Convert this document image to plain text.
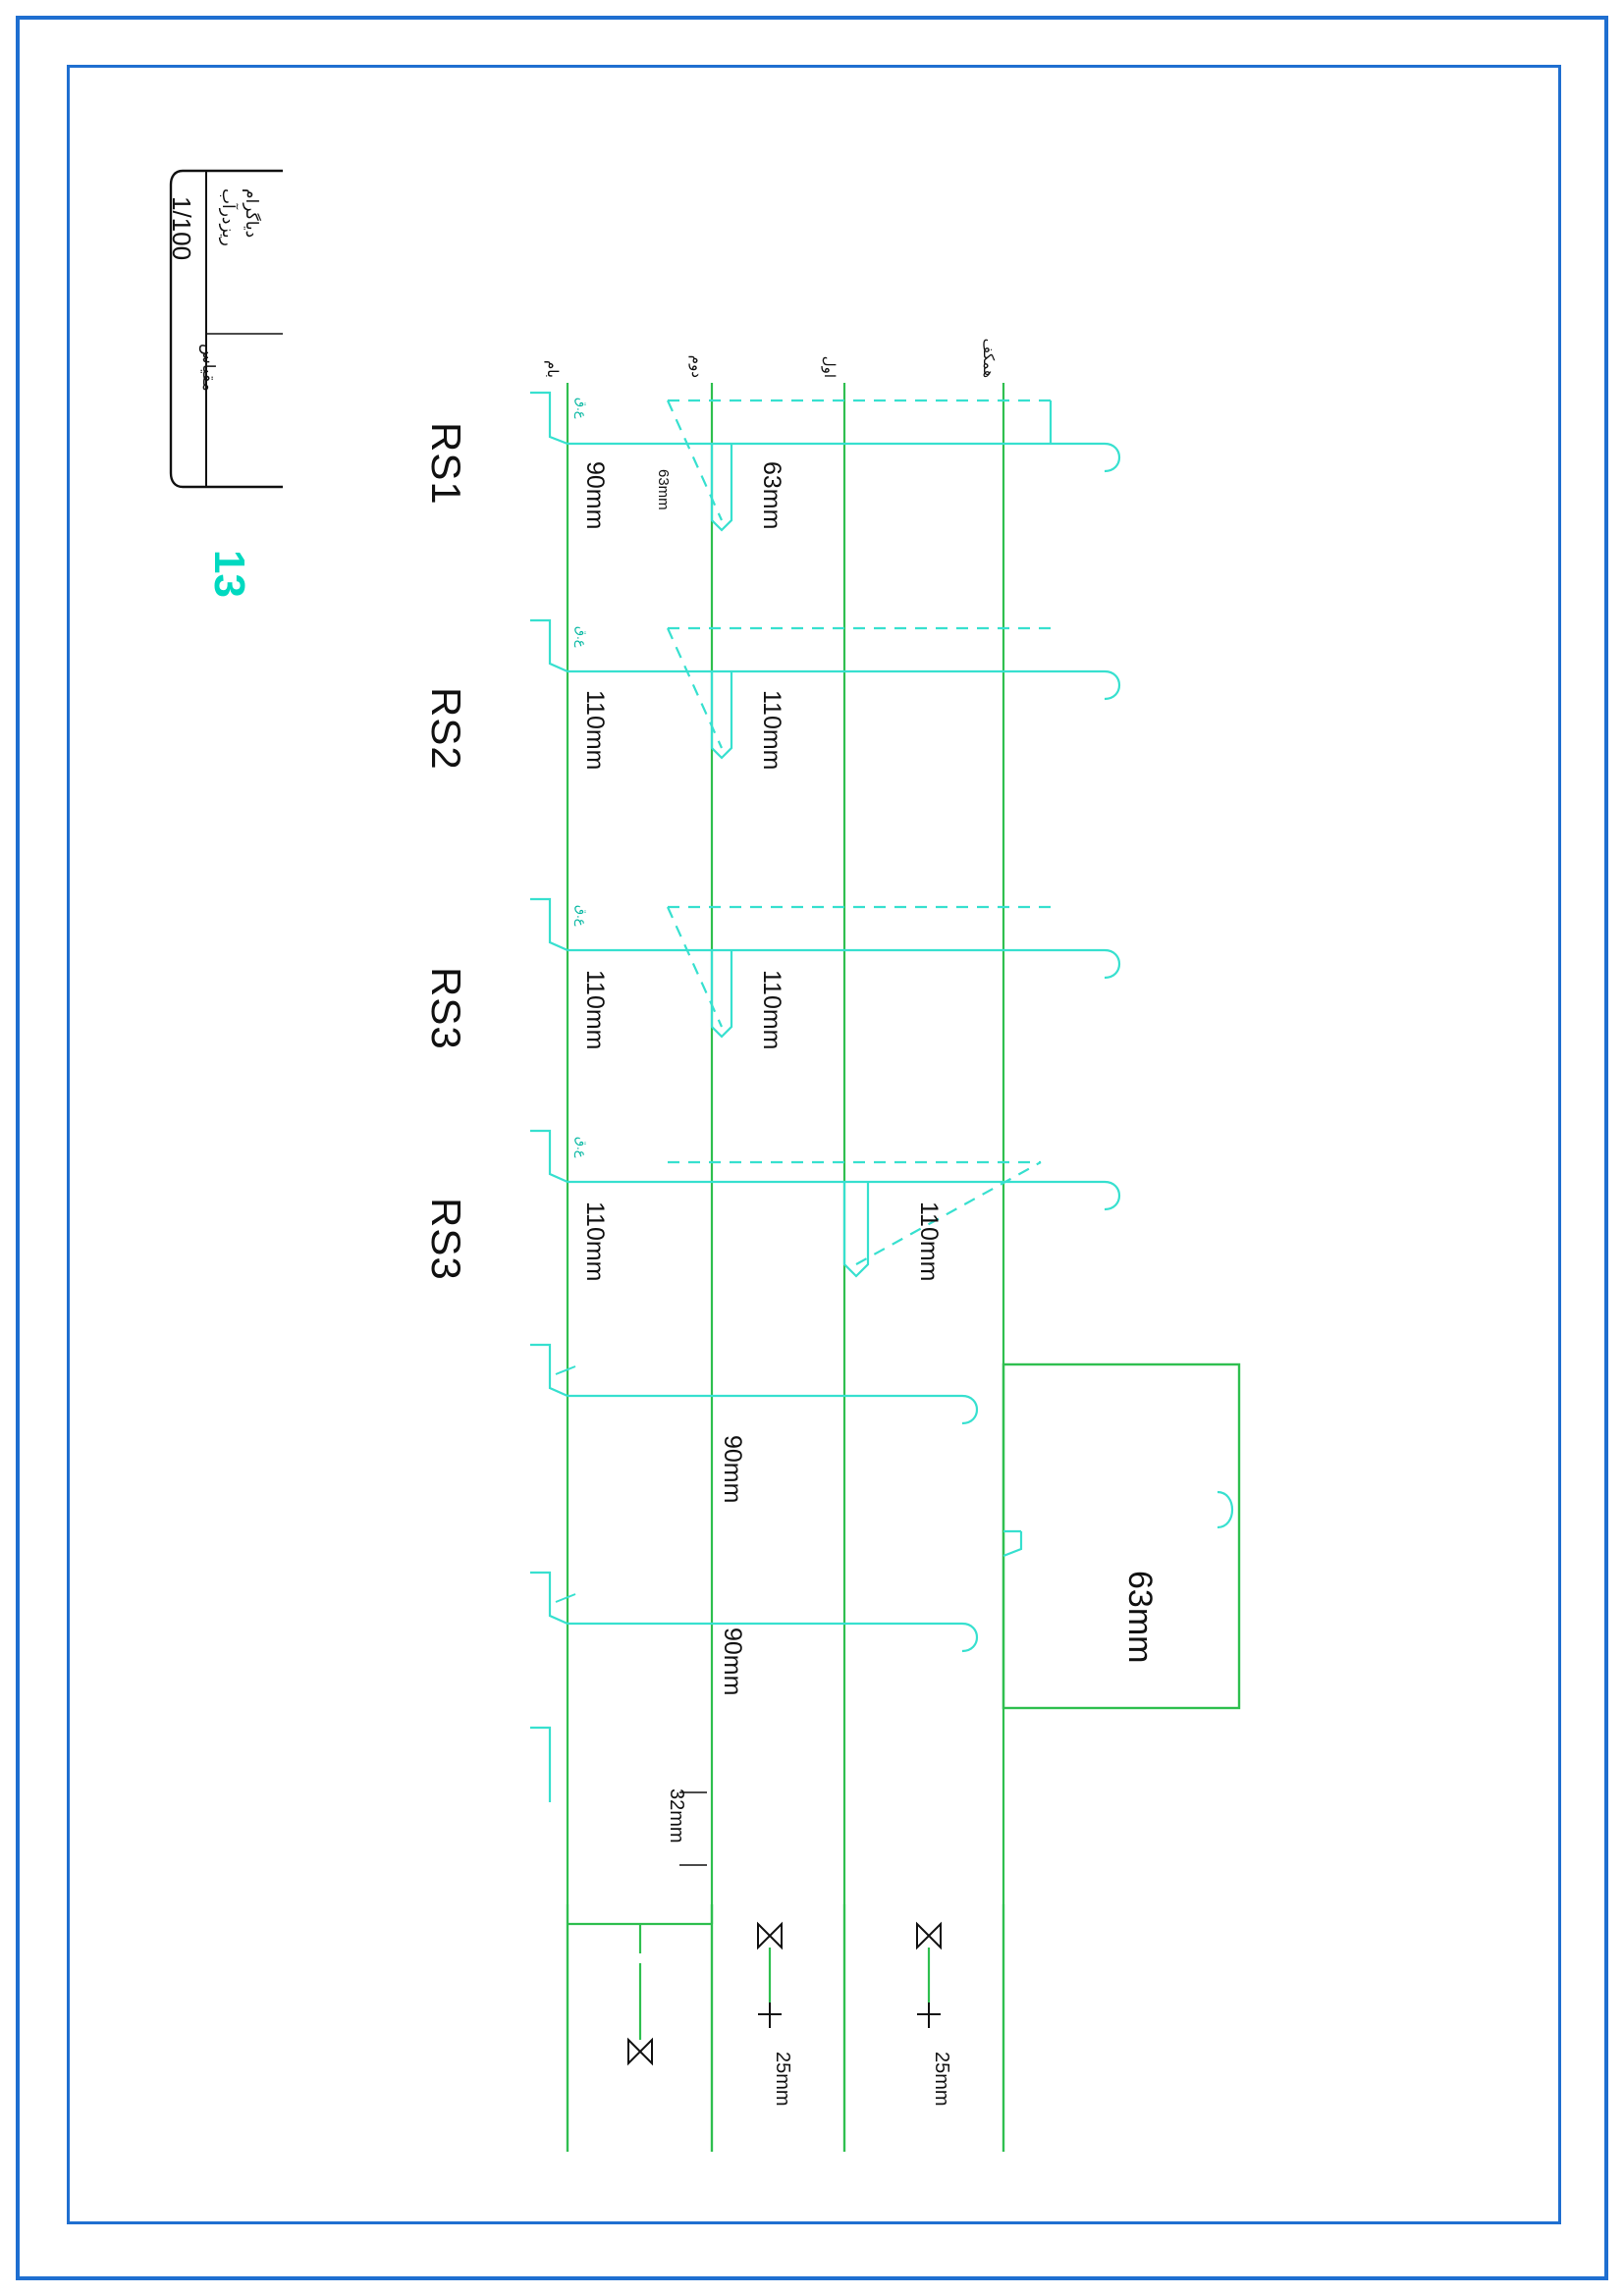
بام	دوم	اول	همکف
RS1
RS2
RS3
RS3
ع.ق
ع.ق
ع.ق
ع.ق
90mm	63mm	63mm
110mm	110mm
110mm	110mm
110mm	110mm
90mm
90mm	63mm
32mm
25mm	25mm
دیاگرام
ریزدرآب
مقیاس
1/100
13
